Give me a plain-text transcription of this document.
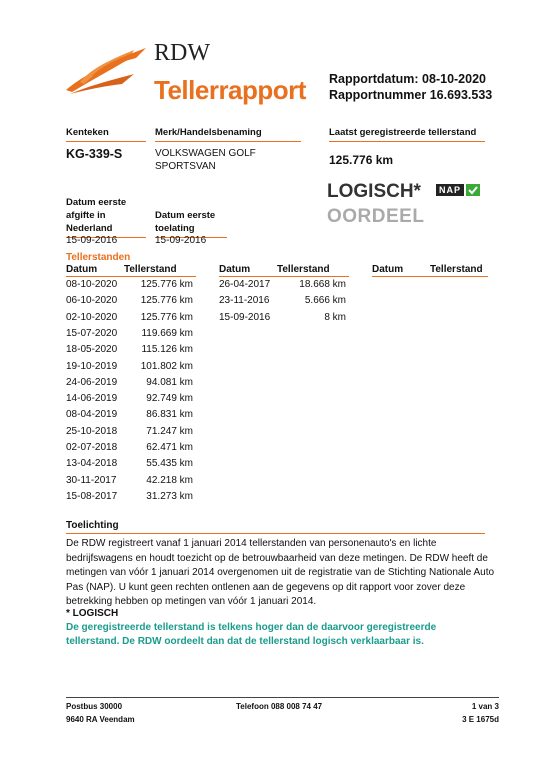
RDW
Tellerrapport Rapportdatum: 08-10-2020
Rapportnummer 16.693.533
Kenteken	Merk/Handelsbenaming	Laatst geregistreerde tellerstand
KG-339-S	VOLKSWAGEN GOLF
SPORTSVAN	125.776 km
LOGISCH*
OORDEEL
NAP
Datum eerste
afgifte in
Nederland
15-09-2016
Datum eerste
toelating
15-09-2016
Tellerstanden
Datum	Tellerstand	Datum	Tellerstand	Datum	Tellerstand
08-10-2020	125.776 km
06-10-2020	125.776 km
02-10-2020	125.776 km
15-07-2020	119.669 km
18-05-2020	115.126 km
19-10-2019	101.802 km
24-06-2019	94.081 km
14-06-2019	92.749 km
08-04-2019	86.831 km
25-10-2018	71.247 km
02-07-2018	62.471 km
13-04-2018	55.435 km
30-11-2017	42.218 km
15-08-2017	31.273 km
26-04-2017	18.668 km
23-11-2016	5.666 km
15-09-2016	8 km
Toelichting
De RDW registreert vanaf 1 januari 2014 tellerstanden van personenauto's en lichte
bedrijfswagens en houdt toezicht op de betrouwbaarheid van deze metingen. De RDW heeft de
metingen van vóór 1 januari 2014 overgenomen uit de registratie van de Stichting Nationale Auto
Pas (NAP). U kunt geen rechten ontlenen aan de gegevens op dit rapport voor zover deze
betrekking hebben op metingen van vóór 1 januari 2014.
* LOGISCH
De geregistreerde tellerstand is telkens hoger dan de daarvoor geregistreerde
tellerstand. De RDW oordeelt dan dat de tellerstand logisch verklaarbaar is.
Postbus 30000
9640 RA Veendam
Telefoon 088 008 74 47	1 van 3
3 E 1675d
